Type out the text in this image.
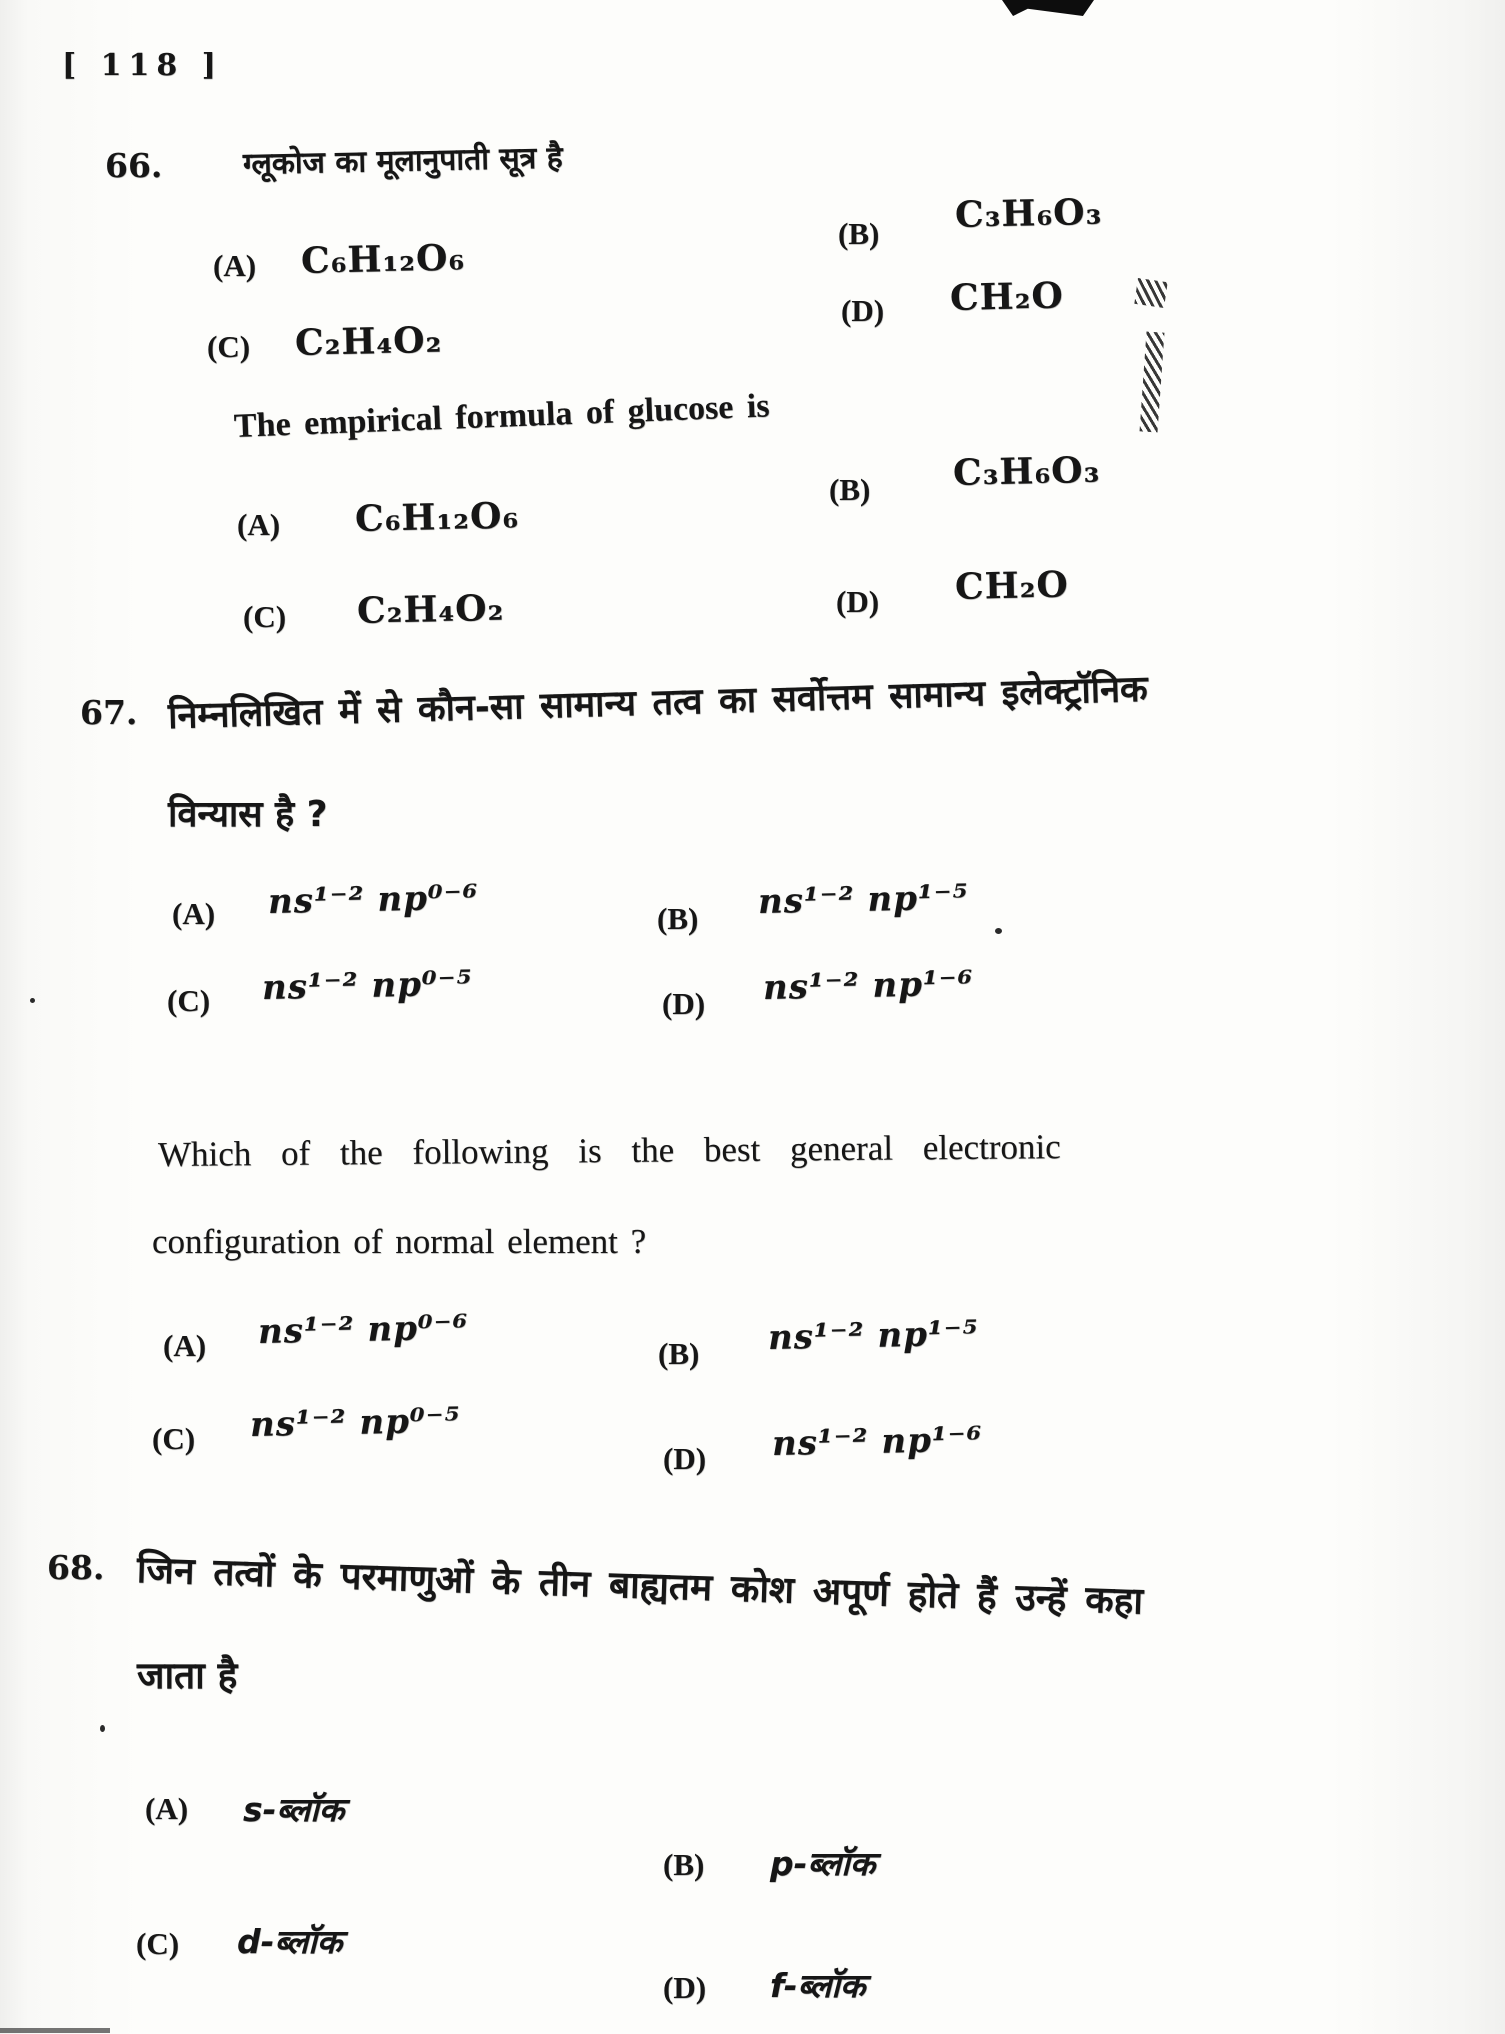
[ 118 ]
66.	ग्लूकोज का मूलानुपाती सूत्र है
(B) C₃H₆O₃
(A) C₆H₁₂O₆
(D) CH₂O
(C) C₂H₄O₂
The empirical formula of glucose is
(B) C₃H₆O₃
(A) C₆H₁₂O₆
(D) CH₂O
(C) C₂H₄O₂
67. निम्नलिखित में से कौन-सा सामान्य तत्व का सर्वोत्तम सामान्य इलेक्ट्रॉनिक
विन्यास है ?
(A) ns¹⁻² np⁰⁻⁶	(B) ns¹⁻² np¹⁻⁵
(C) ns¹⁻² np⁰⁻⁵	(D) ns¹⁻² np¹⁻⁶
Which of the following is the best general electronic
configuration of normal element ?
(A) ns¹⁻² np⁰⁻⁶
(B) ns¹⁻² np¹⁻⁵
(C) ns¹⁻² np⁰⁻⁵
(D) ns¹⁻² np¹⁻⁶
68. जिन तत्वों के परमाणुओं के तीन बाह्यतम कोश अपूर्ण होते हैं उन्हें कहा
जाता है
(A) s-ब्लॉक
(B) p-ब्लॉक
(C) d-ब्लॉक
(D) f-ब्लॉक
